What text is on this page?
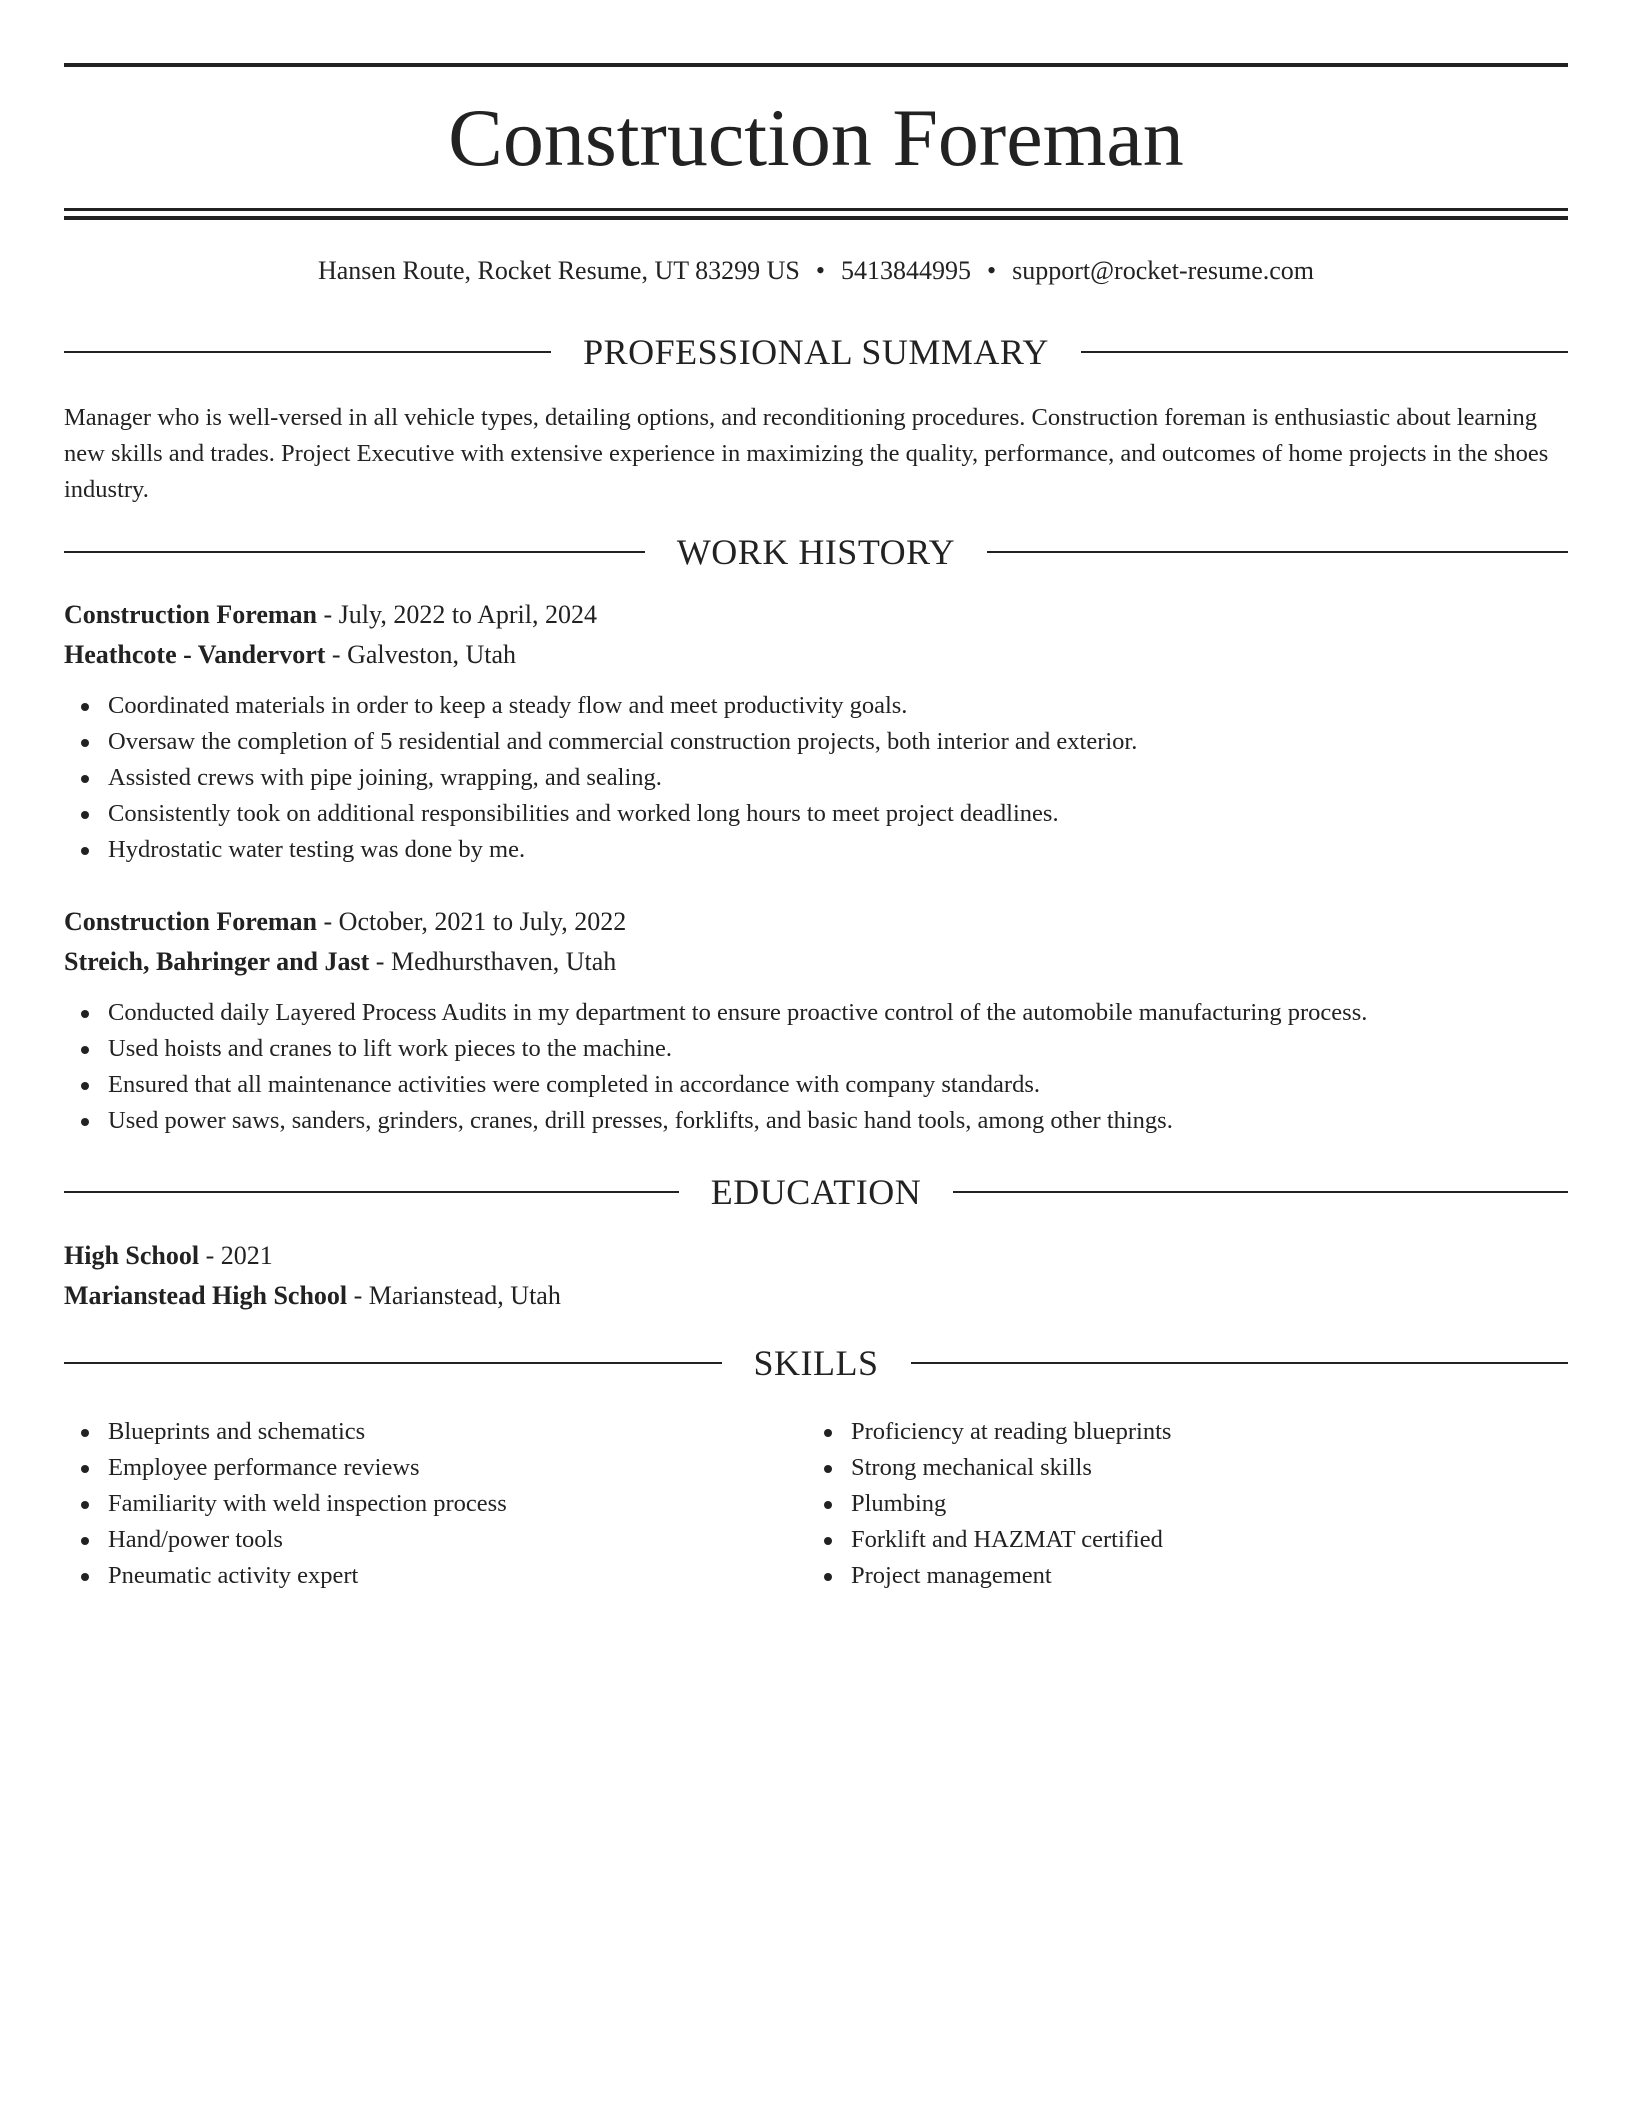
Construction Foreman
Hansen Route, Rocket Resume, UT 83299 US • 5413844995 • support@rocket-resume.com
PROFESSIONAL SUMMARY

Manager who is well-versed in all vehicle types, detailing options, and reconditioning procedures. Construction foreman is enthusiastic about learning new skills and trades. Project Executive with extensive experience in maximizing the quality, performance, and outcomes of home projects in the shoes industry.

WORK HISTORY
Construction Foreman - July, 2022 to April, 2024
Heathcote - Vandervort - Galveston, Utah
Coordinated materials in order to keep a steady flow and meet productivity goals.
Oversaw the completion of 5 residential and commercial construction projects, both interior and exterior.
Assisted crews with pipe joining, wrapping, and sealing.
Consistently took on additional responsibilities and worked long hours to meet project deadlines.
Hydrostatic water testing was done by me.
Construction Foreman - October, 2021 to July, 2022
Streich, Bahringer and Jast - Medhursthaven, Utah
Conducted daily Layered Process Audits in my department to ensure proactive control of the automobile manufacturing process.
Used hoists and cranes to lift work pieces to the machine.
Ensured that all maintenance activities were completed in accordance with company standards.
Used power saws, sanders, grinders, cranes, drill presses, forklifts, and basic hand tools, among other things.
EDUCATION
High School - 2021
Marianstead High School - Marianstead, Utah
SKILLS
Blueprints and schematics
Employee performance reviews
Familiarity with weld inspection process
Hand/power tools
Pneumatic activity expert
Proficiency at reading blueprints
Strong mechanical skills
Plumbing
Forklift and HAZMAT certified
Project management
